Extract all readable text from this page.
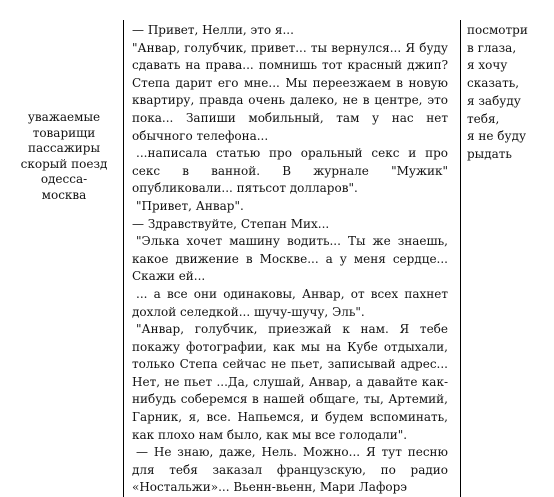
уважаемые
товарищи
пассажиры
скорый поезд
одесса-
москва

— Привет, Нелли, это я...

"Анвар, голубчик, привет... ты вернулся... Я буду сдавать на права... помнишь тот красный джип? Степа дарит его мне... Мы переезжаем в новую квартиру, правда очень далеко, не в центре, это пока... Запиши мобильный, там у нас нет обычного телефона...

...написала статью про оральный секс и про секс в ванной. В журнале "Мужик" опубликовали... пятьсот долларов".

"Привет, Анвар".

— Здравствуйте, Степан Мих...

"Элька хочет машину водить... Ты же знаешь, какое движение в Москве... а у меня сердце... Скажи ей...

... а все они одинаковы, Анвар, от всех пахнет дохлой селедкой... шучу-шучу, Эль".

"Анвар, голубчик, приезжай к нам. Я тебе покажу фотографии, как мы на Кубе отдыхали, только Степа сейчас не пьет, записывай адрес... Нет, не пьет ...Да, слушай, Анвар, а давайте как-нибудь соберемся в нашей общаге, ты, Артемий, Гарник, я, все. Напьемся, и будем вспоминать, как плохо нам было, как мы все голодали".

— Не знаю, даже, Нель. Можно... Я тут песню для тебя заказал французскую, по радио «Ностальжи»... Вьенн-вьенн, Мари Лафорэ

посмотри
в глаза,
я хочу
сказать,
я забуду
тебя,
я не буду
рыдать
